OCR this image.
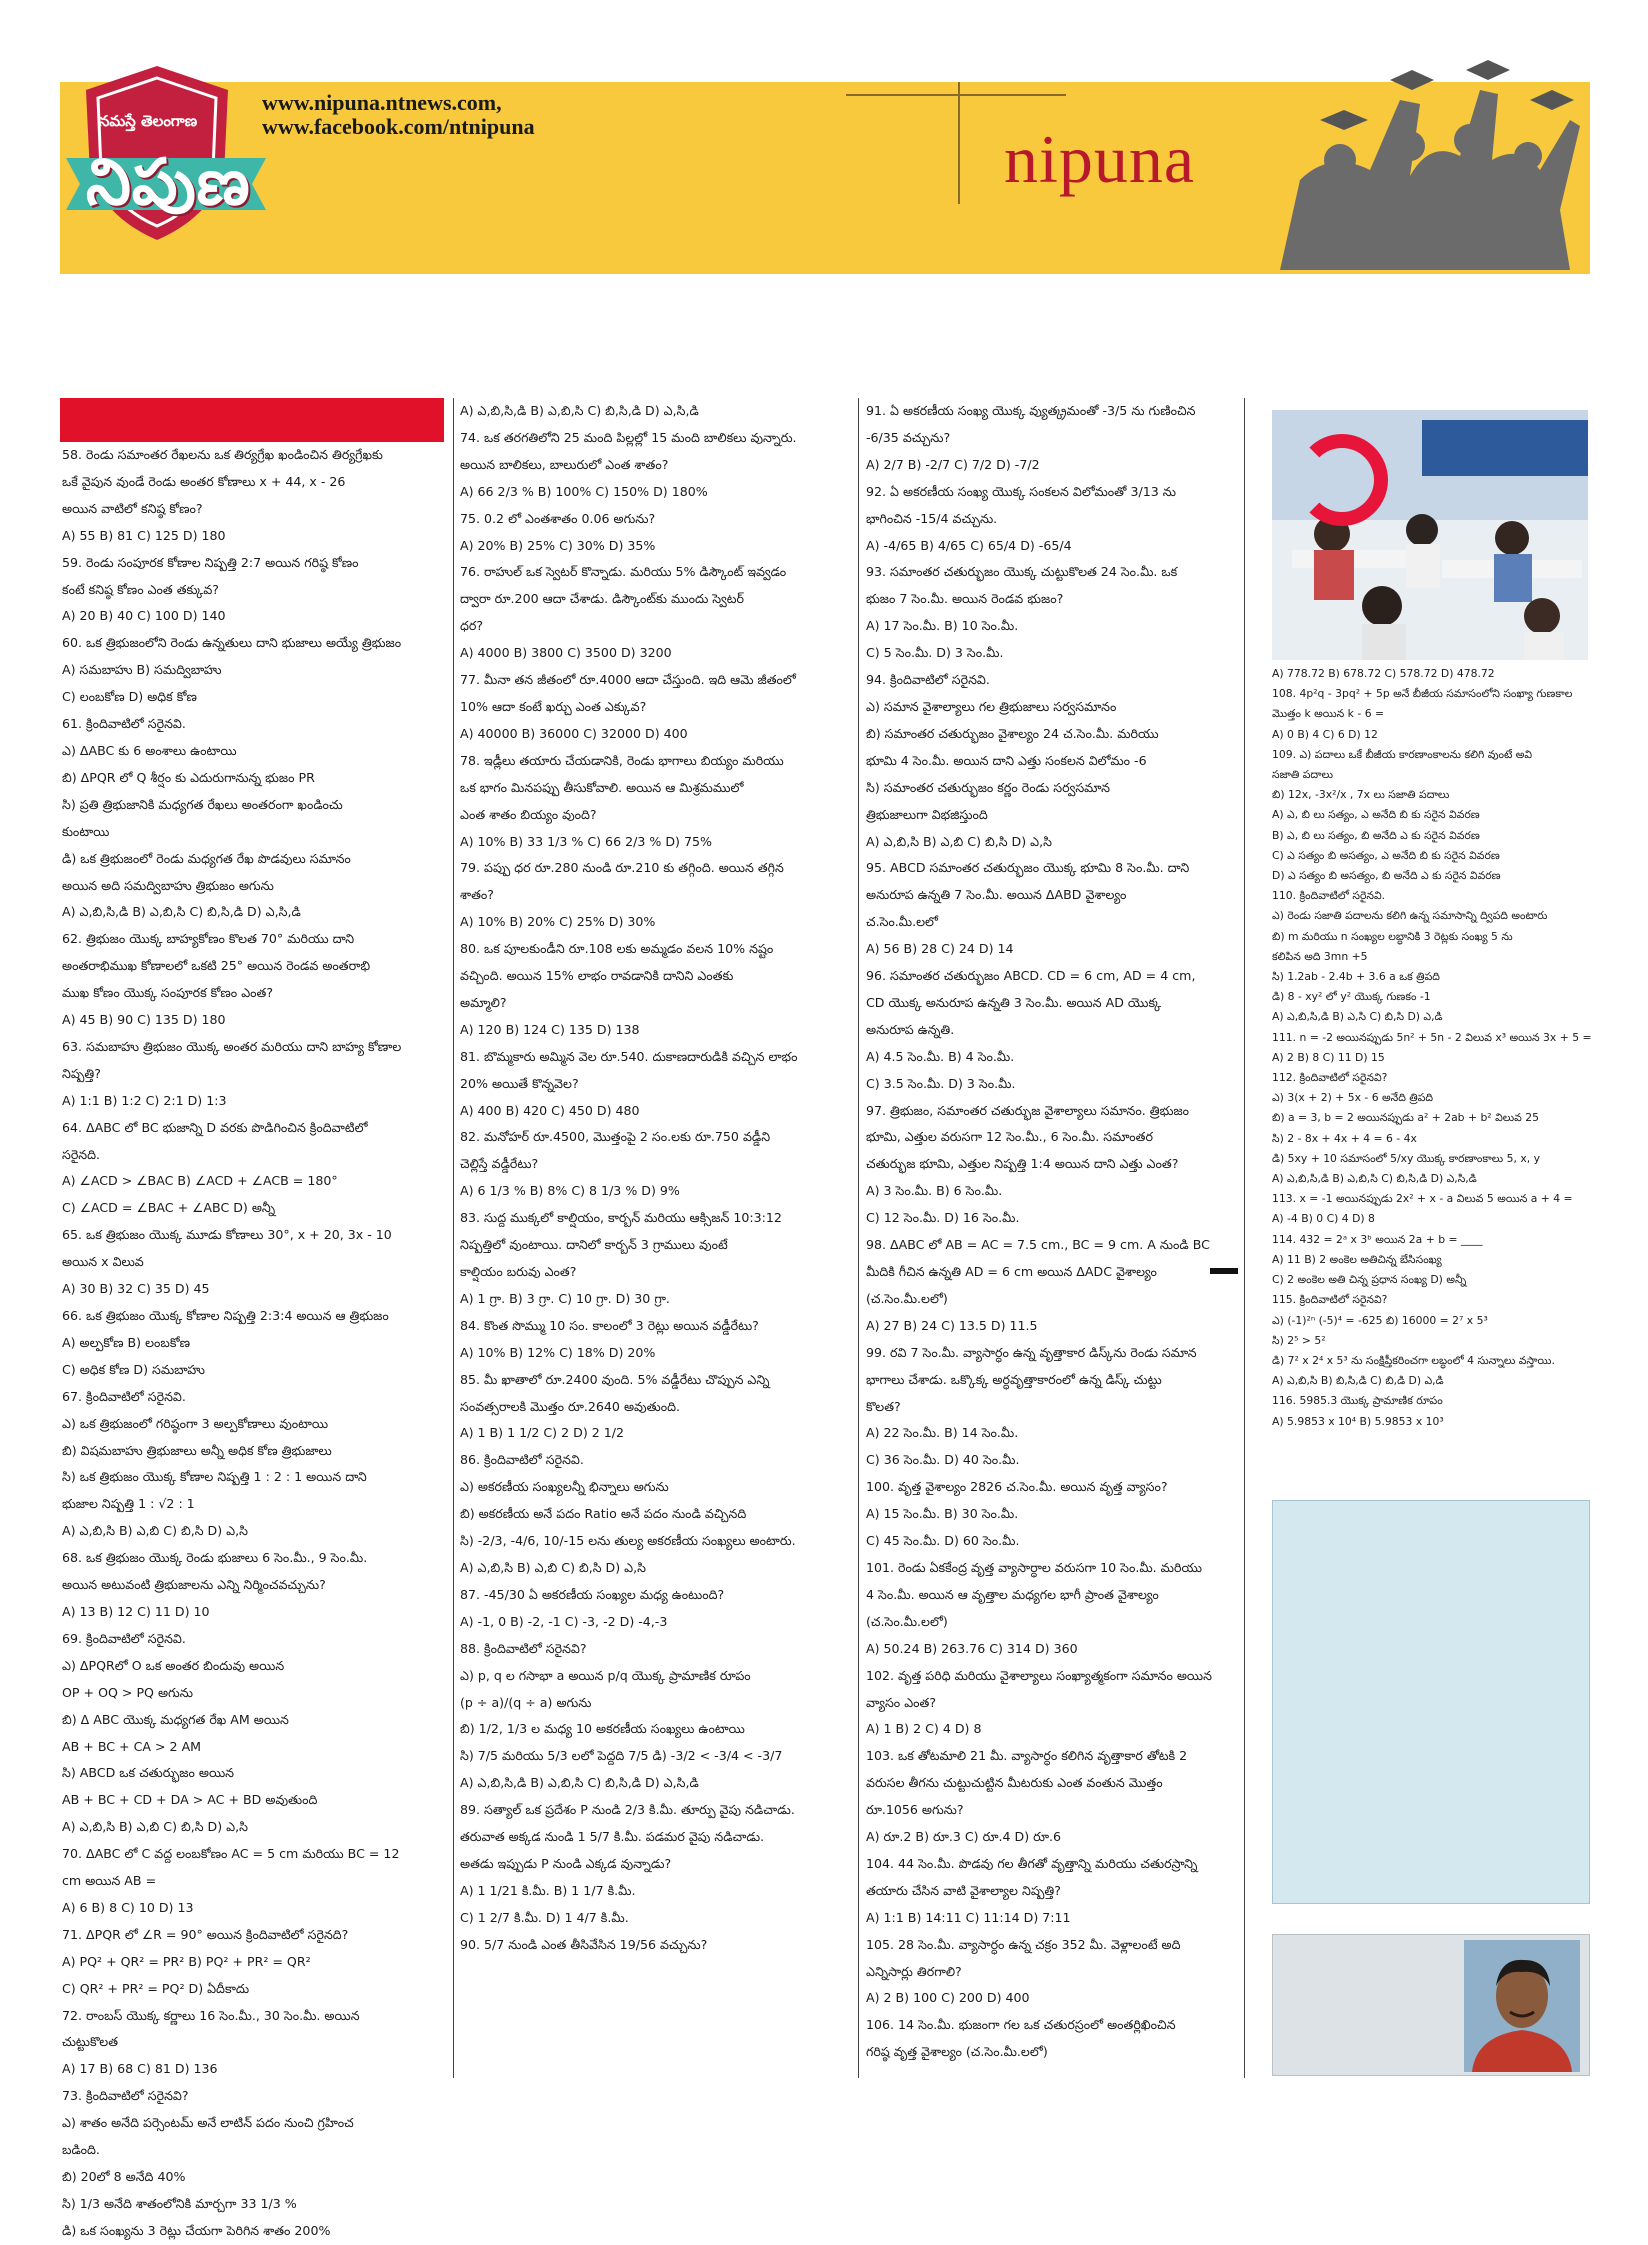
నమస్తే తెలంగాణ
నిపుణ
www.nipuna.ntnews.com,
www.facebook.com/ntnipuna	nipuna
58. రెండు సమాంతర రేఖలను ఒక తిర్యగ్రేఖ ఖండించిన తిర్యగ్రేఖకు
ఒకే వైపున వుండే రెండు అంతర కోణాలు x + 44, x - 26
అయిన వాటిలో కనిష్ఠ కోణం?
A) 55 B) 81 C) 125 D) 180
59. రెండు సంపూరక కోణాల నిష్పత్తి 2:7 అయిన గరిష్ఠ కోణం
కంటే కనిష్ఠ కోణం ఎంత తక్కువ?
A) 20 B) 40 C) 100 D) 140
60. ఒక త్రిభుజంలోని రెండు ఉన్నతులు దాని భుజాలు అయ్యే త్రిభుజం
A) సమబాహు B) సమద్విబాహు
C) లంబకోణ D) అధిక కోణ
61. క్రిందివాటిలో సరైనవి.
ఎ) ΔABC కు 6 అంశాలు ఉంటాయి
బి) ΔPQR లో Q శీర్షం కు ఎదురుగానున్న భుజం PR
సి) ప్రతి త్రిభుజానికి మధ్యగత రేఖలు అంతరంగా ఖండించు
కుంటాయి
డి) ఒక త్రిభుజంలో రెండు మధ్యగత రేఖ పొడవులు సమానం
అయిన అది సమద్విబాహు త్రిభుజం అగును
A) ఎ,బి,సి,డి B) ఎ,బి,సి C) బి,సి,డి D) ఎ,సి,డి
62. త్రిభుజం యొక్క బాహ్యకోణం కొలత 70° మరియు దాని
అంతరాభిముఖ కోణాలలో ఒకటి 25° అయిన రెండవ అంతరాభి
ముఖ కోణం యొక్క సంపూరక కోణం ఎంత?
A) 45 B) 90 C) 135 D) 180
63. సమబాహు త్రిభుజం యొక్క అంతర మరియు దాని బాహ్య కోణాల
నిష్పత్తి?
A) 1:1 B) 1:2 C) 2:1 D) 1:3
64. ΔABC లో BC భుజాన్ని D వరకు పొడిగించిన క్రిందివాటిలో
సరైనది.
A) ∠ACD > ∠BAC B) ∠ACD + ∠ACB = 180°
C) ∠ACD = ∠BAC + ∠ABC D) అన్నీ
65. ఒక త్రిభుజం యొక్క మూడు కోణాలు 30°, x + 20, 3x - 10
అయిన x విలువ
A) 30 B) 32 C) 35 D) 45
66. ఒక త్రిభుజం యొక్క కోణాల నిష్పత్తి 2:3:4 అయిన ఆ త్రిభుజం
A) అల్పకోణ B) లంబకోణ
C) అధిక కోణ D) సమబాహు
67. క్రిందివాటిలో సరైనవి.
ఎ) ఒక త్రిభుజంలో గరిష్ఠంగా 3 అల్పకోణాలు వుంటాయి
బి) విషమబాహు త్రిభుజాలు అన్నీ అధిక కోణ త్రిభుజాలు
సి) ఒక త్రిభుజం యొక్క కోణాల నిష్పత్తి 1 : 2 : 1 అయిన దాని
భుజాల నిష్పత్తి 1 : √2 : 1
A) ఎ,బి,సి B) ఎ,బి C) బి,సి D) ఎ,సి
68. ఒక త్రిభుజం యొక్క రెండు భుజాలు 6 సెం.మీ., 9 సెం.మీ.
అయిన అటువంటి త్రిభుజాలను ఎన్ని నిర్మించవచ్చును?
A) 13 B) 12 C) 11 D) 10
69. క్రిందివాటిలో సరైనవి.
ఎ) ΔPQRలో O ఒక అంతర బిందువు అయిన
OP + OQ > PQ అగును
బి) Δ ABC యొక్క మధ్యగత రేఖ AM అయిన
AB + BC + CA > 2 AM
సి) ABCD ఒక చతుర్భుజం అయిన
AB + BC + CD + DA > AC + BD అవుతుంది
A) ఎ,బి,సి B) ఎ,బి C) బి,సి D) ఎ,సి
70. ΔABC లో C వద్ద లంబకోణం AC = 5 cm మరియు BC = 12
cm అయిన AB =
A) 6 B) 8 C) 10 D) 13
71. ΔPQR లో ∠R = 90° అయిన క్రిందివాటిలో సరైనది?
A) PQ² + QR² = PR² B) PQ² + PR² = QR²
C) QR² + PR² = PQ² D) ఏదీకాదు
72. రాంబస్ యొక్క కర్ణాలు 16 సెం.మీ., 30 సెం.మీ. అయిన
చుట్టుకొలత
A) 17 B) 68 C) 81 D) 136
73. క్రిందివాటిలో సరైనవి?
ఎ) శాతం అనేది పర్సెంటమ్ అనే లాటిన్ పదం నుంచి గ్రహించ
బడింది.
బి) 20లో 8 అనేది 40%
సి) 1/3 అనేది శాతంలోనికి మార్చగా 33 1/3 %
డి) ఒక సంఖ్యను 3 రెట్లు చేయగా పెరిగిన శాతం 200%
A) ఎ,బి,సి,డి B) ఎ,బి,సి C) బి,సి,డి D) ఎ,సి,డి
74. ఒక తరగతిలోని 25 మంది పిల్లల్లో 15 మంది బాలికలు వున్నారు.
అయిన బాలికలు, బాలురులో ఎంత శాతం?
A) 66 2/3 % B) 100% C) 150% D) 180%
75. 0.2 లో ఎంతశాతం 0.06 అగును?
A) 20% B) 25% C) 30% D) 35%
76. రాహుల్ ఒక స్వెటర్ కొన్నాడు. మరియు 5% డిస్కౌంట్ ఇవ్వడం
ద్వారా రూ.200 ఆదా చేశాడు. డిస్కౌంట్‌కు ముందు స్వెటర్
ధర?
A) 4000 B) 3800 C) 3500 D) 3200
77. మీనా తన జీతంలో రూ.4000 ఆదా చేస్తుంది. ఇది ఆమె జీతంలో
10% ఆదా కంటే ఖర్చు ఎంత ఎక్కువ?
A) 40000 B) 36000 C) 32000 D) 400
78. ఇడ్లీలు తయారు చేయడానికి, రెండు భాగాలు బియ్యం మరియు
ఒక భాగం మినపప్పు తీసుకోవాలి. అయిన ఆ మిశ్రమములో
ఎంత శాతం బియ్యం వుంది?
A) 10% B) 33 1/3 % C) 66 2/3 % D) 75%
79. పప్పు ధర రూ.280 నుండి రూ.210 కు తగ్గింది. అయిన తగ్గిన
శాతం?
A) 10% B) 20% C) 25% D) 30%
80. ఒక పూలకుండీని రూ.108 లకు అమ్మడం వలన 10% నష్టం
వచ్చింది. అయిన 15% లాభం రావడానికి దానిని ఎంతకు
అమ్మాలి?
A) 120 B) 124 C) 135 D) 138
81. బొమ్మకారు అమ్మిన వెల రూ.540. దుకాణదారుడికి వచ్చిన లాభం
20% అయితే కొన్నవెల?
A) 400 B) 420 C) 450 D) 480
82. మనోహర్ రూ.4500, మొత్తంపై 2 సం.లకు రూ.750 వడ్డీని
చెల్లిస్తే వడ్డీరేటు?
A) 6 1/3 % B) 8% C) 8 1/3 % D) 9%
83. సుద్ద ముక్కలో కాల్షియం, కార్బన్ మరియు ఆక్సిజన్ 10:3:12
నిష్పత్తిలో వుంటాయి. దానిలో కార్బన్ 3 గ్రాములు వుంటే
కాల్షియం బరువు ఎంత?
A) 1 గ్రా. B) 3 గ్రా. C) 10 గ్రా. D) 30 గ్రా.
84. కొంత సొమ్ము 10 సం. కాలంలో 3 రెట్లు అయిన వడ్డీరేటు?
A) 10% B) 12% C) 18% D) 20%
85. మీ ఖాతాలో రూ.2400 వుంది. 5% వడ్డీరేటు చొప్పున ఎన్ని
సంవత్సరాలకి మొత్తం రూ.2640 అవుతుంది.
A) 1 B) 1 1/2 C) 2 D) 2 1/2
86. క్రిందివాటిలో సరైనవి.
ఎ) అకరణీయ సంఖ్యలన్నీ భిన్నాలు అగును
బి) అకరణీయ అనే పదం Ratio అనే పదం నుండి వచ్చినది
సి) -2/3, -4/6, 10/-15 లను తుల్య అకరణీయ సంఖ్యలు అంటారు.
A) ఎ,బి,సి B) ఎ,బి C) బి,సి D) ఎ,సి
87. -45/30 ఏ అకరణీయ సంఖ్యల మధ్య ఉంటుంది?
A) -1, 0 B) -2, -1 C) -3, -2 D) -4,-3
88. క్రిందివాటిలో సరైనవి?
ఎ) p, q ల గసాభా a అయిన p/q యొక్క ప్రామాణిక రూపం
(p ÷ a)/(q ÷ a) అగును
బి) 1/2, 1/3 ల మధ్య 10 అకరణీయ సంఖ్యలు ఉంటాయి
సి) 7/5 మరియు 5/3 లలో పెద్దది 7/5 డి) -3/2 < -3/4 < -3/7
A) ఎ,బి,సి,డి B) ఎ,బి,సి C) బి,సి,డి D) ఎ,సి,డి
89. సత్యాల్ ఒక ప్రదేశం P నుండి 2/3 కి.మీ. తూర్పు వైపు నడిచాడు.
తరువాత అక్కడ నుండి 1 5/7 కి.మీ. పడమర వైపు నడిచాడు.
అతడు ఇప్పుడు P నుండి ఎక్కడ వున్నాడు?
A) 1 1/21 కి.మీ. B) 1 1/7 కి.మీ.
C) 1 2/7 కి.మీ. D) 1 4/7 కి.మీ.
90. 5/7 నుండి ఎంత తీసివేసిన 19/56 వచ్చును?
91. ఏ అకరణీయ సంఖ్య యొక్క వ్యుత్క్రమంతో -3/5 ను గుణించిన
-6/35 వచ్చును?
A) 2/7 B) -2/7 C) 7/2 D) -7/2
92. ఏ అకరణీయ సంఖ్య యొక్క సంకలన విలోమంతో 3/13 ను
భాగించిన -15/4 వచ్చును.
A) -4/65 B) 4/65 C) 65/4 D) -65/4
93. సమాంతర చతుర్భుజం యొక్క చుట్టుకొలత 24 సెం.మీ. ఒక
భుజం 7 సెం.మీ. అయిన రెండవ భుజం?
A) 17 సెం.మీ. B) 10 సెం.మీ.
C) 5 సెం.మీ. D) 3 సెం.మీ.
94. క్రిందివాటిలో సరైనవి.
ఎ) సమాన వైశాల్యాలు గల త్రిభుజాలు సర్వసమానం
బి) సమాంతర చతుర్భుజం వైశాల్యం 24 చ.సెం.మీ. మరియు
భూమి 4 సెం.మీ. అయిన దాని ఎత్తు సంకలన విలోమం -6
సి) సమాంతర చతుర్భుజం కర్ణం రెండు సర్వసమాన
త్రిభుజాలుగా విభజిస్తుంది
A) ఎ,బి,సి B) ఎ,బి C) బి,సి D) ఎ,సి
95. ABCD సమాంతర చతుర్భుజం యొక్క భూమి 8 సెం.మీ. దాని
అనురూప ఉన్నతి 7 సెం.మీ. అయిన ΔABD వైశాల్యం
చ.సెం.మీ.లలో
A) 56 B) 28 C) 24 D) 14
96. సమాంతర చతుర్భుజం ABCD. CD = 6 cm, AD = 4 cm,
CD యొక్క అనురూప ఉన్నతి 3 సెం.మీ. అయిన AD యొక్క
అనురూప ఉన్నతి.
A) 4.5 సెం.మీ. B) 4 సెం.మీ.
C) 3.5 సెం.మీ. D) 3 సెం.మీ.
97. త్రిభుజం, సమాంతర చతుర్భుజ వైశాల్యాలు సమానం. త్రిభుజం
భూమి, ఎత్తుల వరుసగా 12 సెం.మీ., 6 సెం.మీ. సమాంతర
చతుర్భుజ భూమి, ఎత్తుల నిష్పత్తి 1:4 అయిన దాని ఎత్తు ఎంత?
A) 3 సెం.మీ. B) 6 సెం.మీ.
C) 12 సెం.మీ. D) 16 సెం.మీ.
98. ΔABC లో AB = AC = 7.5 cm., BC = 9 cm. A నుండి BC
మీదికి గీచిన ఉన్నతి AD = 6 cm అయిన ΔADC వైశాల్యం
(చ.సెం.మీ.లలో)
A) 27 B) 24 C) 13.5 D) 11.5
99. రవి 7 సెం.మీ. వ్యాసార్ధం ఉన్న వృత్తాకార డిస్క్‌ను రెండు సమాన
భాగాలు చేశాడు. ఒక్కొక్క అర్ధవృత్తాకారంలో ఉన్న డిస్క్ చుట్టు
కొలత?
A) 22 సెం.మీ. B) 14 సెం.మీ.
C) 36 సెం.మీ. D) 40 సెం.మీ.
100. వృత్త వైశాల్యం 2826 చ.సెం.మీ. అయిన వృత్త వ్యాసం?
A) 15 సెం.మీ. B) 30 సెం.మీ.
C) 45 సెం.మీ. D) 60 సెం.మీ.
101. రెండు ఏకకేంద్ర వృత్త వ్యాసార్ధాల వరుసగా 10 సెం.మీ. మరియు
4 సెం.మీ. అయిన ఆ వృత్తాల మధ్యగల భాగీ ప్రాంత వైశాల్యం
(చ.సెం.మీ.లలో)
A) 50.24 B) 263.76 C) 314 D) 360
102. వృత్త పరిధి మరియు వైశాల్యాలు సంఖ్యాత్మకంగా సమానం అయిన
వ్యాసం ఎంత?
A) 1 B) 2 C) 4 D) 8
103. ఒక తోటమాలి 21 మీ. వ్యాసార్ధం కలిగిన వృత్తాకార తోటకి 2
వరుసల తీగను చుట్టుచుట్టిన మీటరుకు ఎంత వంతున మొత్తం
రూ.1056 అగును?
A) రూ.2 B) రూ.3 C) రూ.4 D) రూ.6
104. 44 సెం.మీ. పొడవు గల తీగతో వృత్తాన్ని మరియు చతురస్రాన్ని
తయారు చేసిన వాటి వైశాల్యాల నిష్పత్తి?
A) 1:1 B) 14:11 C) 11:14 D) 7:11
105. 28 సెం.మీ. వ్యాసార్ధం ఉన్న చక్రం 352 మీ. వెళ్లాలంటే అది
ఎన్నిసార్లు తిరగాలి?
A) 2 B) 100 C) 200 D) 400
106. 14 సెం.మీ. భుజంగా గల ఒక చతురస్రంలో అంతర్లిఖించిన
గరిష్ఠ వృత్త వైశాల్యం (చ.సెం.మీ.లలో)
A) 778.72 B) 678.72 C) 578.72 D) 478.72
108. 4p²q - 3pq² + 5p అనే బీజీయ సమాసంలోని సంఖ్యా గుణకాల
మొత్తం k అయిన k - 6 =
A) 0 B) 4 C) 6 D) 12
109. ఎ) పదాలు ఒకే బీజీయ కారణాంకాలను కలిగి వుంటే అవి
సజాతి పదాలు
బి) 12x, -3x²/x , 7x లు సజాతి పదాలు
A) ఎ, బి లు సత్యం, ఎ అనేది బి కు సరైన వివరణ
B) ఎ, బి లు సత్యం, బి అనేది ఎ కు సరైన వివరణ
C) ఎ సత్యం బి అసత్యం, ఎ అనేది బి కు సరైన వివరణ
D) ఎ సత్యం బి అసత్యం, బి అనేది ఎ కు సరైన వివరణ
110. క్రిందివాటిలో సరైనవి.
ఎ) రెండు సజాతి పదాలను కలిగి ఉన్న సమాసాన్ని ద్విపది అంటారు
బి) m మరియు n సంఖ్యల లబ్ధానికి 3 రెట్లకు సంఖ్య 5 ను
కలిపిన అది 3mn +5
సి) 1.2ab - 2.4b + 3.6 a ఒక త్రిపది
డి) 8 - xy² లో y² యొక్క గుణకం -1
A) ఎ,బి,సి,డి B) ఎ,సి C) బి,సి D) ఎ,డి
111. n = -2 అయినప్పుడు 5n² + 5n - 2 విలువ x³ అయిన 3x + 5 =
A) 2 B) 8 C) 11 D) 15
112. క్రిందివాటిలో సరైనవి?
ఎ) 3(x + 2) + 5x - 6 అనేది త్రిపది
బి) a = 3, b = 2 అయినప్పుడు a² + 2ab + b² విలువ 25
సి) 2 - 8x + 4x + 4 = 6 - 4x
డి) 5xy + 10 సమాసంలో 5/xy యొక్క కారణాంకాలు 5, x, y
A) ఎ,బి,సి,డి B) ఎ,బి,సి C) బి,సి,డి D) ఎ,సి,డి
113. x = -1 అయినప్పుడు 2x² + x - a విలువ 5 అయిన a + 4 =
A) -4 B) 0 C) 4 D) 8
114. 432 = 2ᵃ x 3ᵇ అయిన 2a + b = ____
A) 11 B) 2 అంకెల అతిచిన్న బేసిసంఖ్య
C) 2 అంకెల అతి చిన్న ప్రధాన సంఖ్య D) అన్నీ
115. క్రిందివాటిలో సరైనవి?
ఎ) (-1)²ⁿ (-5)⁴ = -625 బి) 16000 = 2⁷ x 5³
సి) 2⁵ > 5²
డి) 7² x 2⁴ x 5³ ను సంక్షిప్తీకరించగా లబ్ధంలో 4 సున్నాలు వస్తాయి.
A) ఎ,బి,సి B) బి,సి,డి C) బి,డి D) ఎ,డి
116. 5985.3 యొక్క ప్రామాణిక రూపం
A) 5.9853 x 10⁴ B) 5.9853 x 10³
